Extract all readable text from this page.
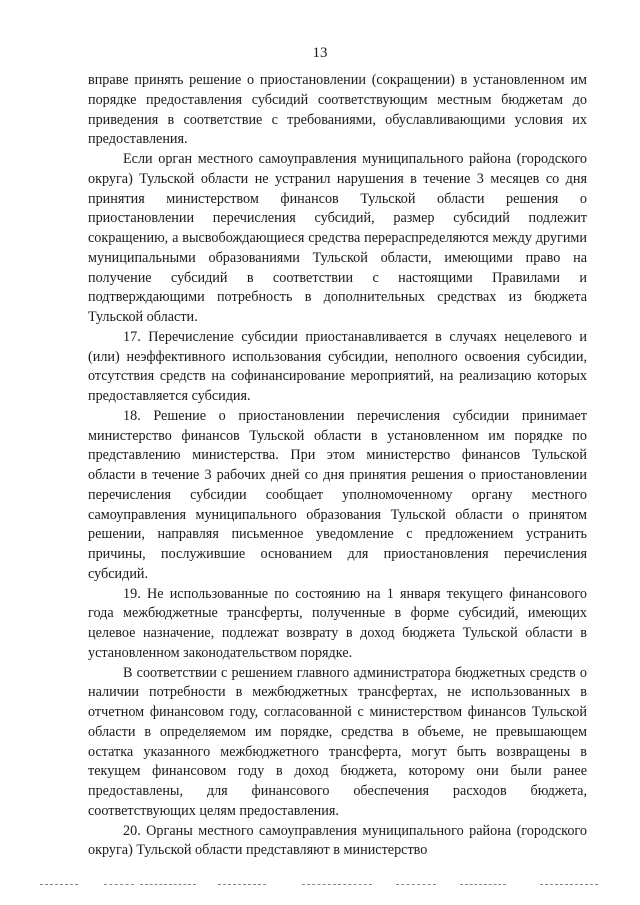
13

вправе принять решение о приостановлении (сокращении) в установленном им порядке предоставления субсидий соответствующим местным бюджетам до приведения в соответствие с требованиями, обуславливающими условия их предоставления.

Если орган местного самоуправления муниципального района (городского округа) Тульской области не устранил нарушения в течение 3 месяцев со дня принятия министерством финансов Тульской области решения о приостановлении перечисления субсидий, размер субсидий подлежит сокращению, а высвобождающиеся средства перераспределяются между другими муниципальными образованиями Тульской области, имеющими право на получение субсидий в соответствии с настоящими Правилами и подтверждающими потребность в дополнительных средствах из бюджета Тульской области.

17. Перечисление субсидии приостанавливается в случаях нецелевого и (или) неэффективного использования субсидии, неполного освоения субсидии, отсутствия средств на софинансирование мероприятий, на реализацию которых предоставляется субсидия.

18. Решение о приостановлении перечисления субсидии принимает министерство финансов Тульской области в установленном им порядке по представлению министерства. При этом министерство финансов Тульской области в течение 3 рабочих дней со дня принятия решения о приостановлении перечисления субсидии сообщает уполномоченному органу местного самоуправления муниципального образования Тульской области о принятом решении, направляя письменное уведомление с предложением устранить причины, послужившие основанием для приостановления перечисления субсидий.

19. Не использованные по состоянию на 1 января текущего финансового года межбюджетные трансферты, полученные в форме субсидий, имеющих целевое назначение, подлежат возврату в доход бюджета Тульской области в установленном законодательством порядке.

В соответствии с решением главного администратора бюджетных средств о наличии потребности в межбюджетных трансфертах, не использованных в отчетном финансовом году, согласованной с министерством финансов Тульской области в определяемом им порядке, средства в объеме, не превышающем остатка указанного межбюджетного трансферта, могут быть возвращены в текущем финансовом году в доход бюджета, которому они были ранее предоставлены, для финансового обеспечения расходов бюджета, соответствующих целям предоставления.

20. Органы местного самоуправления муниципального района (городского округа) Тульской области представляют в министерство
